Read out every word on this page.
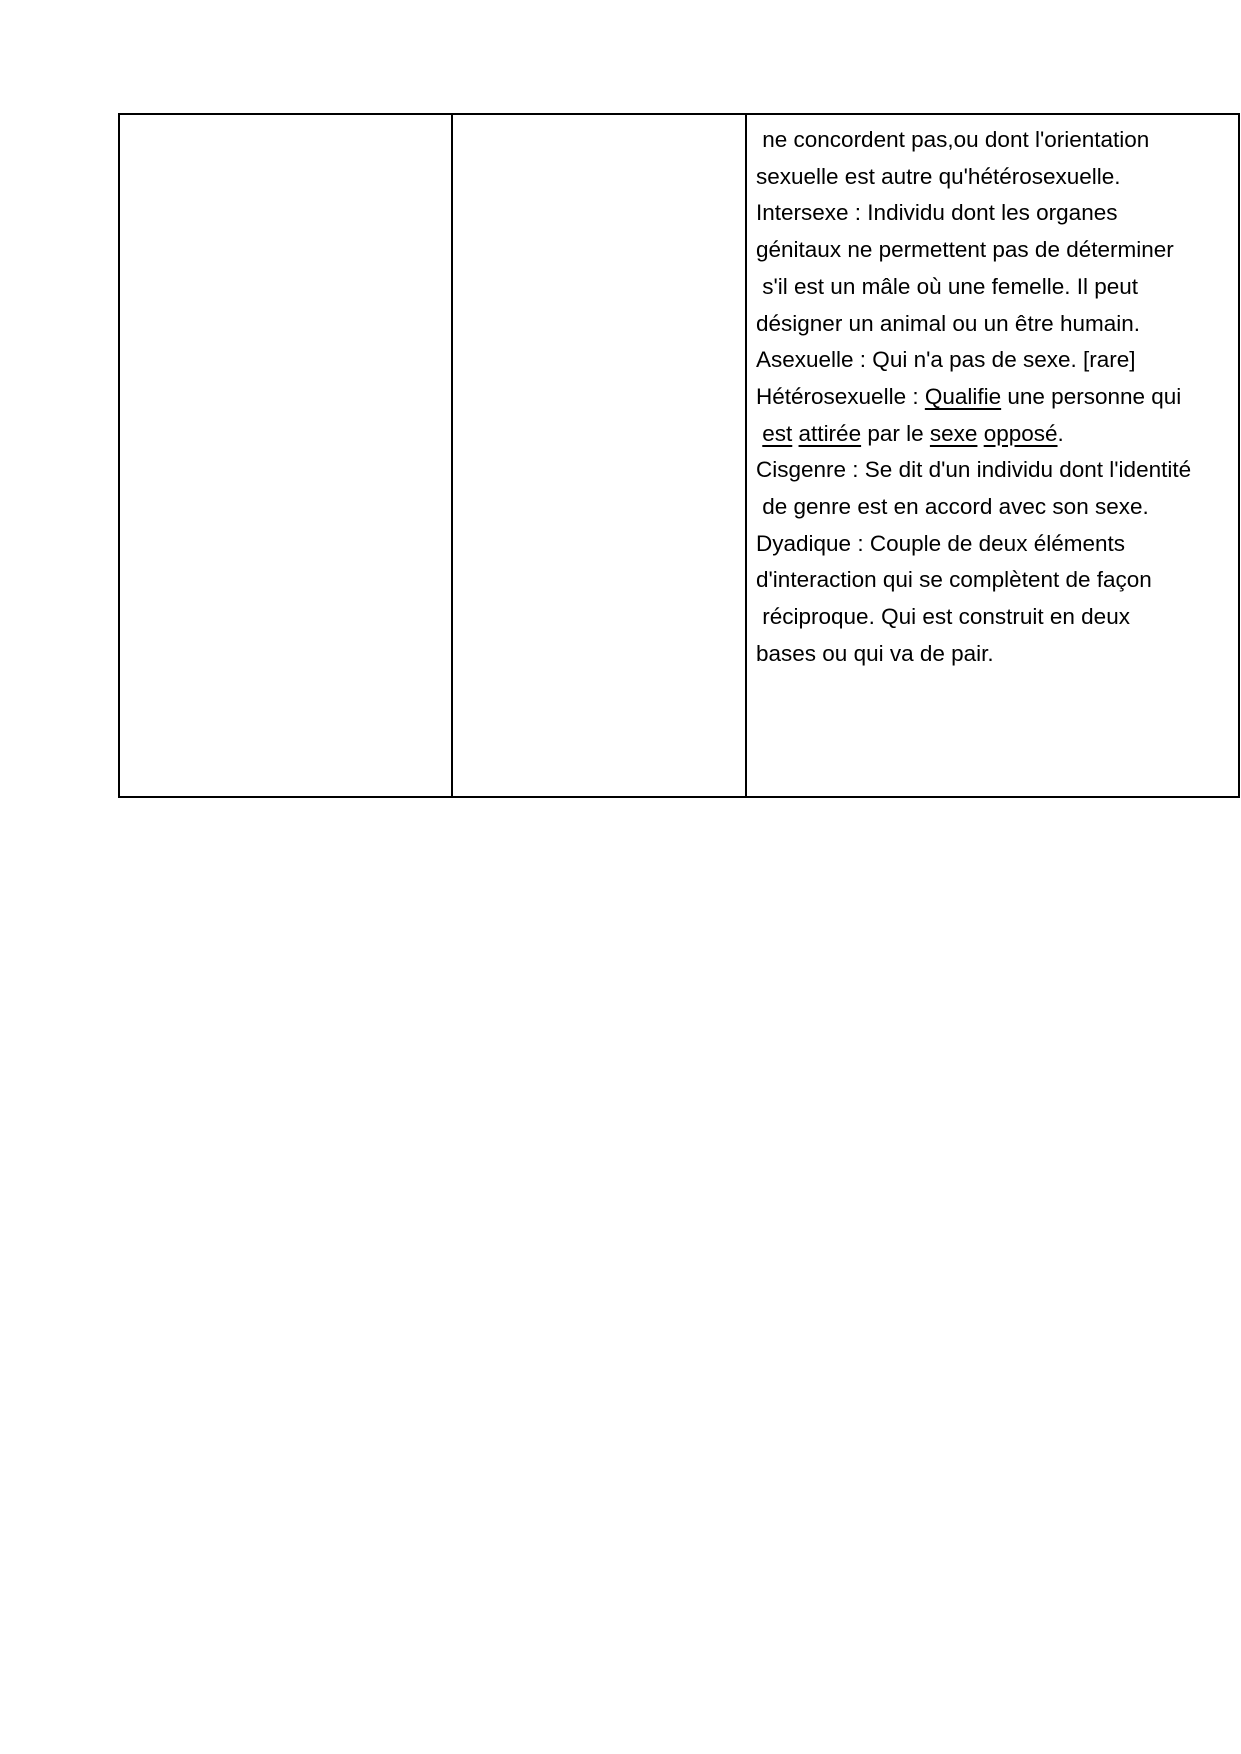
ne concordent pas,ou dont l'orientation
sexuelle est autre qu'hétérosexuelle.
Intersexe : Individu dont les organes
génitaux ne permettent pas de déterminer
s'il est un mâle où une femelle. Il peut
désigner un animal ou un être humain.
Asexuelle : Qui n'a pas de sexe. [rare]
Hétérosexuelle : Qualifie une personne qui
est attirée par le sexe opposé.
Cisgenre : Se dit d'un individu dont l'identité
de genre est en accord avec son sexe.
Dyadique : Couple de deux éléments
d'interaction qui se complètent de façon
réciproque. Qui est construit en deux
bases ou qui va de pair.
